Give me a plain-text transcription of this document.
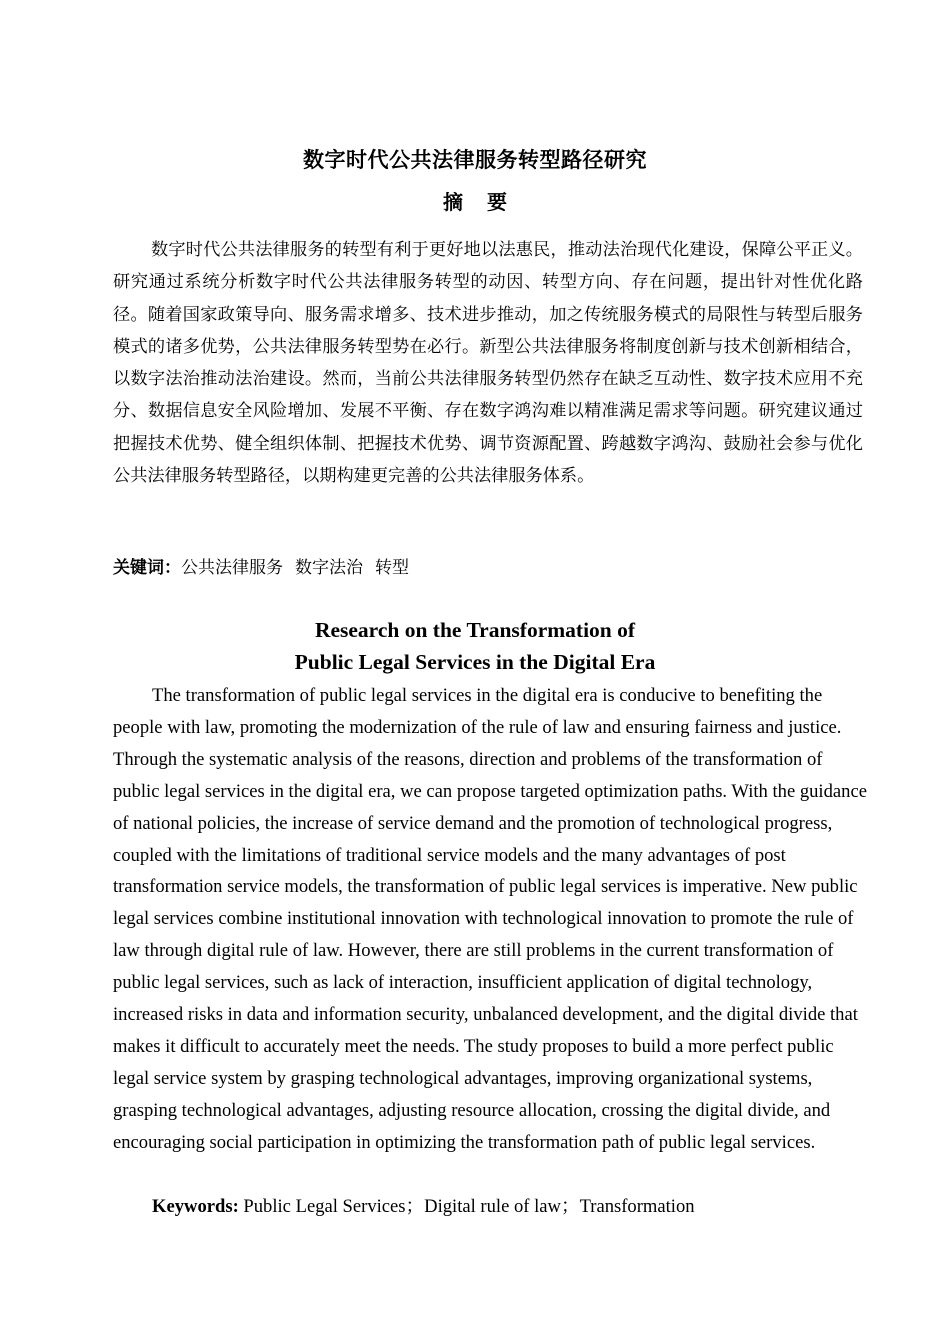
数字时代公共法律服务转型路径研究
摘要

数字时代公共法律服务的转型有利于更好地以法惠民，推动法治现代化建设，保障公平正义。研究通过系统分析数字时代公共法律服务转型的动因、转型方向、存在问题，提出针对性优化路径。随着国家政策导向、服务需求增多、技术进步推动，加之传统服务模式的局限性与转型后服务模式的诸多优势，公共法律服务转型势在必行。新型公共法律服务将制度创新与技术创新相结合，以数字法治推动法治建设。然而，当前公共法律服务转型仍然存在缺乏互动性、数字技术应用不充分、数据信息安全风险增加、发展不平衡、存在数字鸿沟难以精准满足需求等问题。研究建议通过把握技术优势、健全组织体制、把握技术优势、调节资源配置、跨越数字鸿沟、鼓励社会参与优化公共法律服务转型路径，以期构建更完善的公共法律服务体系。

关键词：公共法律服务 数字法治 转型

Research on the Transformation of
Public Legal Services in the Digital Era

The transformation of public legal services in the digital era is conducive to benefiting the people with law, promoting the modernization of the rule of law and ensuring fairness and justice. Through the systematic analysis of the reasons, direction and problems of the transformation of public legal services in the digital era, we can propose targeted optimization paths. With the guidance of national policies, the increase of service demand and the promotion of technological progress, coupled with the limitations of traditional service models and the many advantages of post transformation service models, the transformation of public legal services is imperative. New public legal services combine institutional innovation with technological innovation to promote the rule of law through digital rule of law. However, there are still problems in the current transformation of public legal services, such as lack of interaction, insufficient application of digital technology, increased risks in data and information security, unbalanced development, and the digital divide that makes it difficult to accurately meet the needs. The study proposes to build a more perfect public legal service system by grasping technological advantages, improving organizational systems, grasping technological advantages, adjusting resource allocation, crossing the digital divide, and encouraging social participation in optimizing the transformation path of public legal services.

Keywords: Public Legal Services；Digital rule of law；Transformation
